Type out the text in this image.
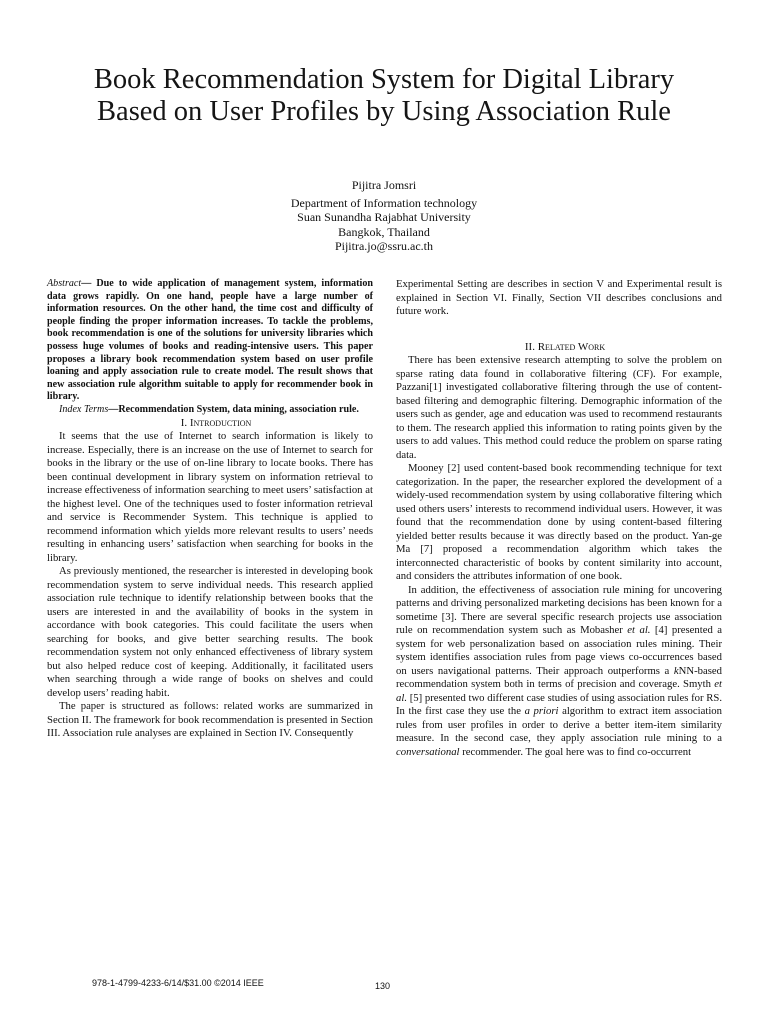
Book Recommendation System for Digital Library
Based on User Profiles by Using Association Rule
Pijitra Jomsri
Department of Information technology
Suan Sunandha Rajabhat University
Bangkok, Thailand
Pijitra.jo@ssru.ac.th

Abstract— Due to wide application of management system, information data grows rapidly. On one hand, people have a large number of information resources. On the other hand, the time cost and difficulty of people finding the proper information increases. To tackle the problems, book recommendation is one of the solutions for university libraries which possess huge volumes of books and reading-intensive users. This paper proposes a library book recommendation system based on user profile loaning and apply association rule to create model. The result shows that new association rule algorithm suitable to apply for recommender book in library.

Index Terms—Recommendation System, data mining, association rule.

I. Introduction

It seems that the use of Internet to search information is likely to increase. Especially, there is an increase on the use of Internet to search for books in the library or the use of on-line library to locate books. There has been continual development in library system on information retrieval to increase effectiveness of information searching to meet users’ satisfaction at the highest level. One of the techniques used to foster information retrieval and service is Recommender System. This technique is applied to recommend information which yields more relevant results to users’ needs resulting in enhancing users’ satisfaction when searching for books in the library.

As previously mentioned, the researcher is interested in developing book recommendation system to serve individual needs. This research applied association rule technique to identify relationship between books that the users are interested in and the availability of books in the system in accordance with book categories. This could facilitate the users when searching for books, and give better searching results. The book recommendation system not only enhanced effectiveness of library system but also helped reduce cost of keeping. Additionally, it facilitated users when searching through a wide range of books on shelves and could develop users’ reading habit.

The paper is structured as follows: related works are summarized in Section II. The framework for book recommendation is presented in Section III. Association rule analyses are explained in Section IV. Consequently

Experimental Setting are describes in section V and Experimental result is explained in Section VI. Finally, Section VII describes conclusions and future work.

II. Related Work

There has been extensive research attempting to solve the problem on sparse rating data found in collaborative filtering (CF). For example, Pazzani[1] investigated collaborative filtering through the use of content-based filtering and demographic filtering. Demographic information of the users such as gender, age and education was used to recommend restaurants to them. The research applied this information to rating points given by the users to add values. This method could reduce the problem on sparse rating data.

Mooney [2] used content-based book recommending technique for text categorization. In the paper, the researcher explored the development of a widely-used recommendation system by using collaborative filtering which used others users’ interests to recommend individual users. However, it was found that the recommendation done by using content-based filtering yielded better results because it was directly based on the product. Yan-ge Ma [7] proposed a recommendation algorithm which takes the interconnected characteristic of books by content similarity into account, and considers the attributes information of one book.

In addition, the effectiveness of association rule mining for uncovering patterns and driving personalized marketing decisions has been known for a sometime [3]. There are several specific research projects use association rule on recommendation system such as Mobasher et al. [4] presented a system for web personalization based on association rules mining. Their system identifies association rules from page views co-occurrences based on users navigational patterns. Their approach outperforms a kNN-based recommendation system both in terms of precision and coverage. Smyth et al. [5] presented two different case studies of using association rules for RS. In the first case they use the a priori algorithm to extract item association rules from user profiles in order to derive a better item-item similarity measure. In the second case, they apply association rule mining to a conversational recommender. The goal here was to find co-occurrent

978-1-4799-4233-6/14/$31.00 ©2014 IEEE	130
